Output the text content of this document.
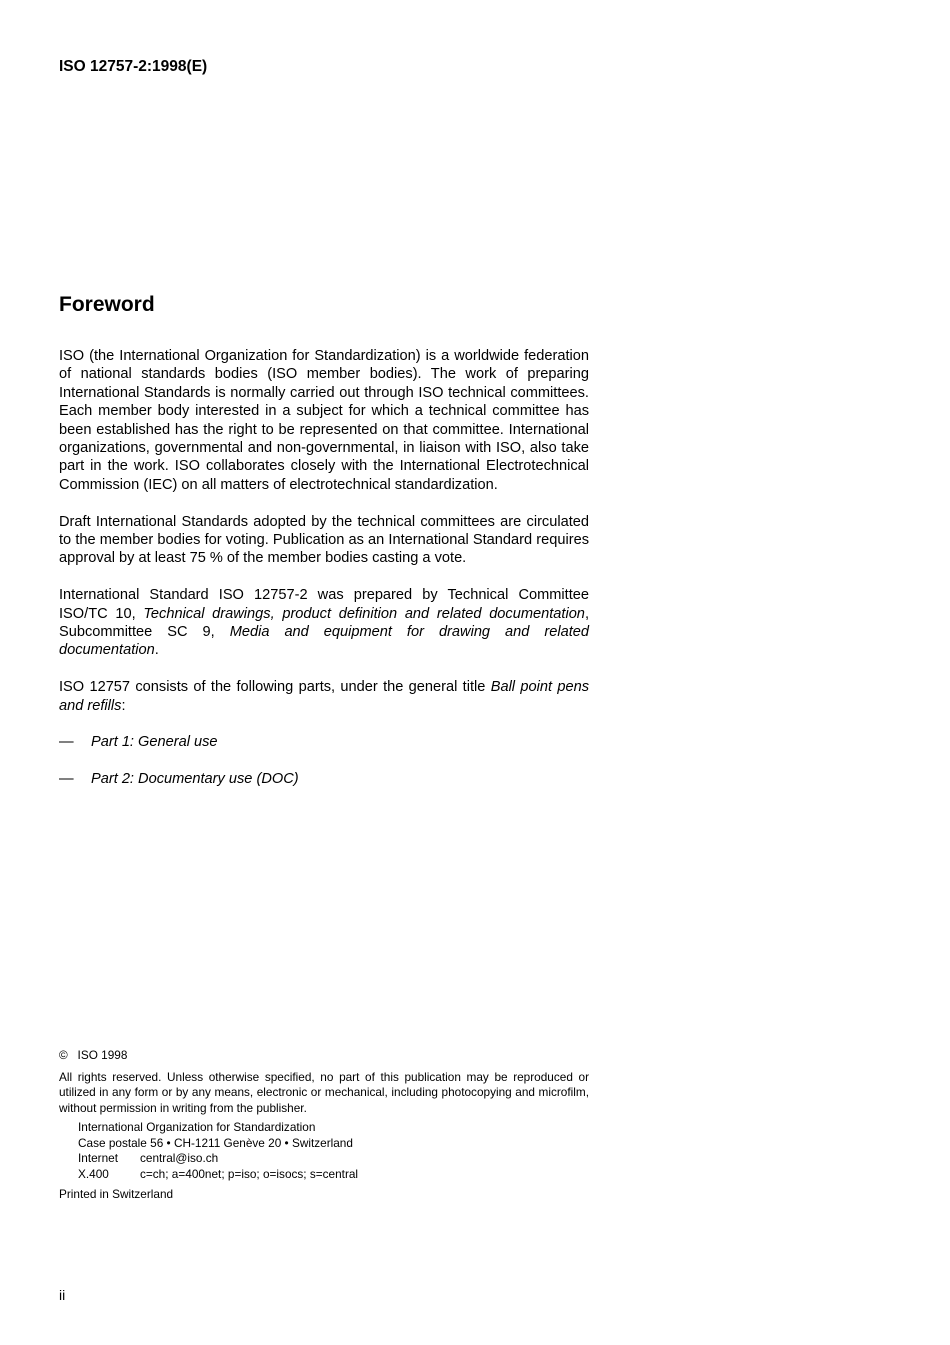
ISO 12757-2:1998(E)

Foreword

ISO (the International Organization for Standardization) is a worldwide federation of national standards bodies (ISO member bodies). The work of preparing International Standards is normally carried out through ISO technical committees. Each member body interested in a subject for which a technical committee has been established has the right to be represented on that committee. International organizations, governmental and non-governmental, in liaison with ISO, also take part in the work. ISO collaborates closely with the International Electrotechnical Commission (IEC) on all matters of electrotechnical standardization.

Draft International Standards adopted by the technical committees are circulated to the member bodies for voting. Publication as an International Standard requires approval by at least 75 % of the member bodies casting a vote.

International Standard ISO 12757-2 was prepared by Technical Committee ISO/TC 10, Technical drawings, product definition and related documentation, Subcommittee SC 9, Media and equipment for drawing and related documentation.

ISO 12757 consists of the following parts, under the general title Ball point pens and refills:

—	Part 1: General use
—	Part 2: Documentary use (DOC)

© ISO 1998

All rights reserved. Unless otherwise specified, no part of this publication may be reproduced or utilized in any form or by any means, electronic or mechanical, including photocopying and microfilm, without permission in writing from the publisher.

International Organization for Standardization

Case postale 56 • CH-1211 Genève 20 • Switzerland

Internet	central@iso.ch
X.400	c=ch; a=400net; p=iso; o=isocs; s=central

Printed in Switzerland

ii
